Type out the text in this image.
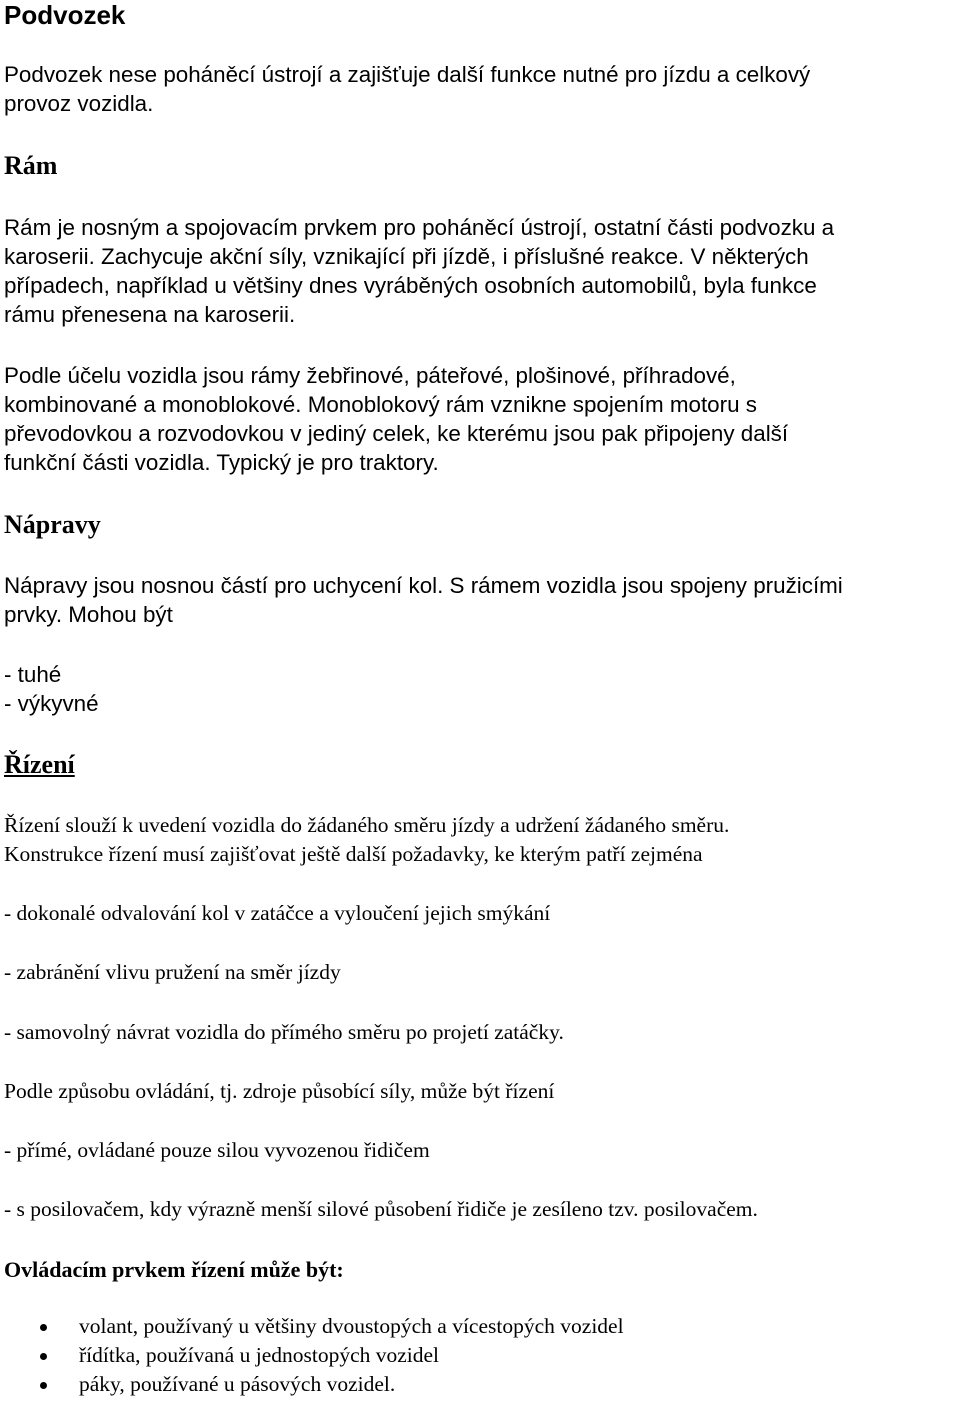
Podvozek
Podvozek nese poháněcí ústrojí a zajišťuje další funkce nutné pro jízdu a celkový
provoz vozidla.
Rám
Rám je nosným a spojovacím prvkem pro poháněcí ústrojí, ostatní části podvozku a
karoserii. Zachycuje akční síly, vznikající při jízdě, i příslušné reakce. V některých
případech, například u většiny dnes vyráběných osobních automobilů, byla funkce
rámu přenesena na karoserii.
Podle účelu vozidla jsou rámy žebřinové, páteřové, plošinové, příhradové,
kombinované a monoblokové. Monoblokový rám vznikne spojením motoru s
převodovkou a rozvodovkou v jediný celek, ke kterému jsou pak připojeny další
funkční části vozidla. Typický je pro traktory.
Nápravy
Nápravy jsou nosnou částí pro uchycení kol. S rámem vozidla jsou spojeny pružicími
prvky. Mohou být
- tuhé
- výkyvné
Řízení
Řízení slouží k uvedení vozidla do žádaného směru jízdy a udržení žádaného směru.
Konstrukce řízení musí zajišťovat ještě další požadavky, ke kterým patří zejména
- dokonalé odvalování kol v zatáčce a vyloučení jejich smýkání
- zabránění vlivu pružení na směr jízdy
- samovolný návrat vozidla do přímého směru po projetí zatáčky.
Podle způsobu ovládání, tj. zdroje působící síly, může být řízení
- přímé, ovládané pouze silou vyvozenou řidičem
- s posilovačem, kdy výrazně menší silové působení řidiče je zesíleno tzv. posilovačem.
Ovládacím prvkem řízení může být:
volant, používaný u většiny dvoustopých a vícestopých vozidel
řídítka, používaná u jednostopých vozidel
páky, používané u pásových vozidel.
